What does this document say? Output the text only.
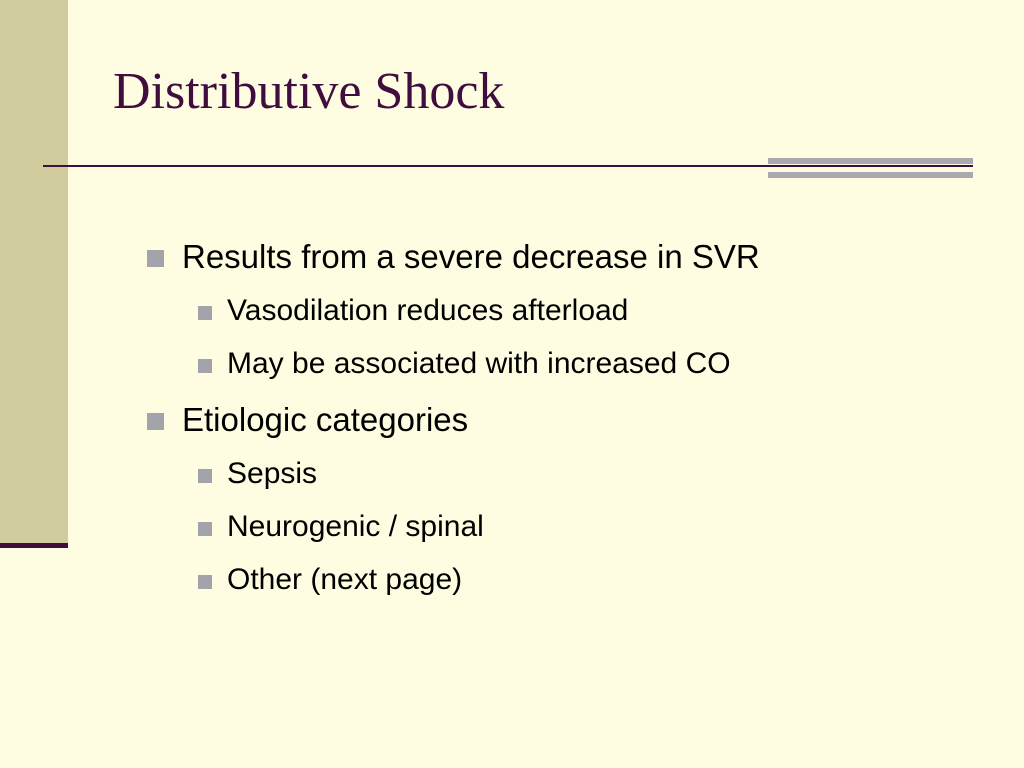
Distributive Shock
Results from a severe decrease in SVR
Vasodilation reduces afterload
May be associated with increased CO
Etiologic categories
Sepsis
Neurogenic / spinal
Other (next page)
